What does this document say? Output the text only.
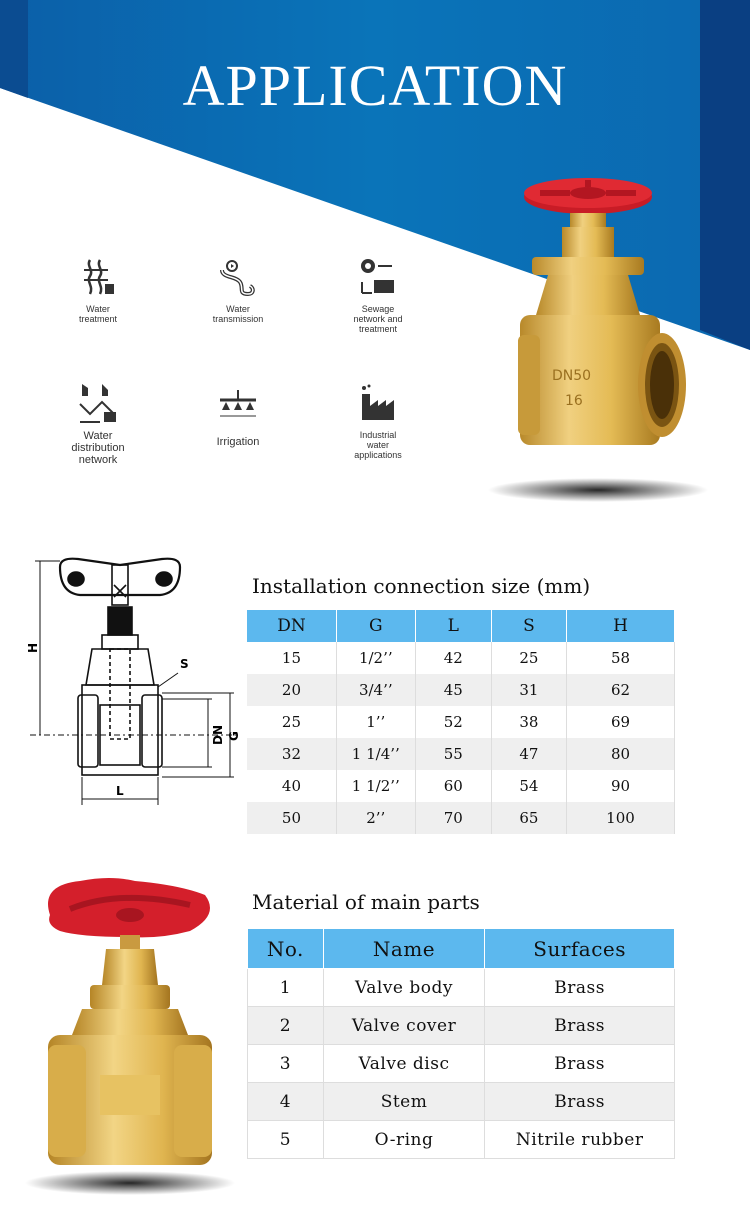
APPLICATION
Water
treatment
Water
transmission
Sewage
network and
treatment
Water
distribution
network
Irrigation
Industrial
water
applications
DN50
16
H
S
DN G
L
Installation connection size (mm)
DN	G	L	S	H
15	1/2’’	42	25	58
20	3/4’’	45	31	62
25	1’’	52	38	69
32	1 1/4’’	55	47	80
40	1 1/2’’	60	54	90
50	2’’	70	65	100
Material of main parts
No.	Name	Surfaces
1	Valve body	Brass
2	Valve cover	Brass
3	Valve disc	Brass
4	Stem	Brass
5	O-ring	Nitrile rubber
